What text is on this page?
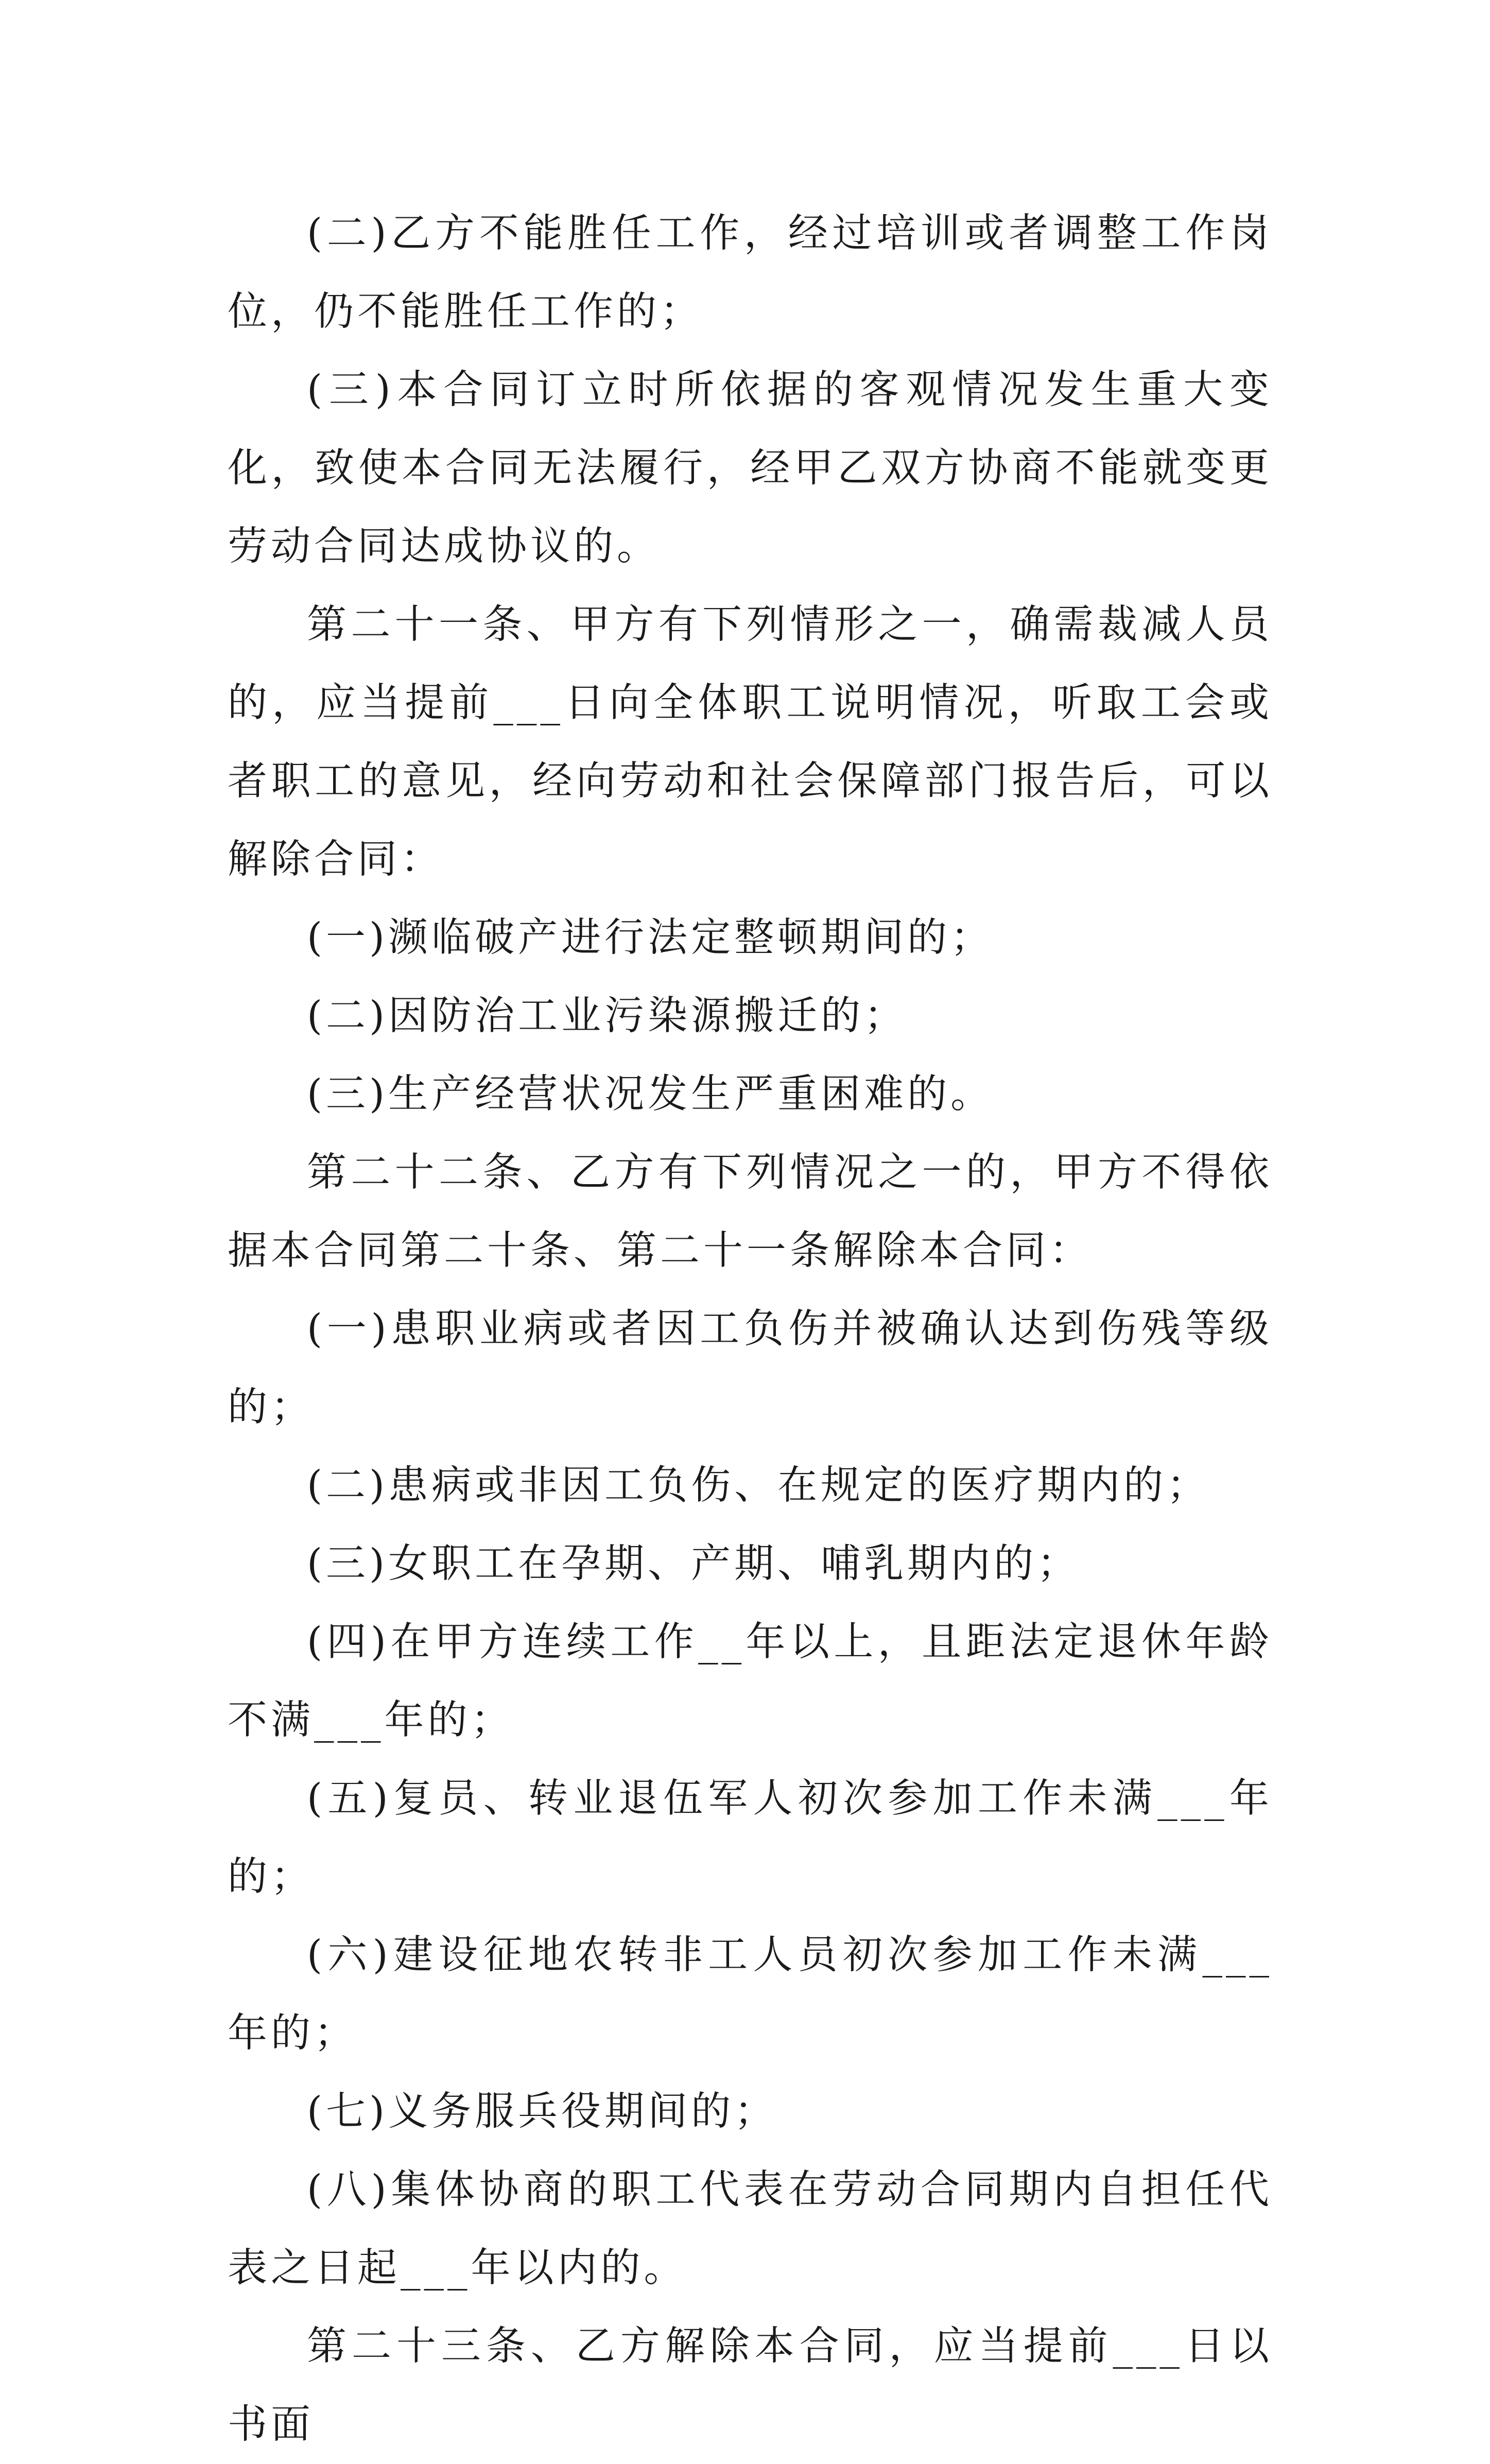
(二)乙方不能胜任工作，经过培训或者调整工作岗位，仍不能胜任工作的；

(三)本合同订立时所依据的客观情况发生重大变化，致使本合同无法履行，经甲乙双方协商不能就变更劳动合同达成协议的。

第二十一条、甲方有下列情形之一，确需裁减人员的，应当提前___日向全体职工说明情况，听取工会或者职工的意见，经向劳动和社会保障部门报告后，可以解除合同：

(一)濒临破产进行法定整顿期间的；

(二)因防治工业污染源搬迁的；

(三)生产经营状况发生严重困难的。

第二十二条、乙方有下列情况之一的，甲方不得依据本合同第二十条、第二十一条解除本合同：

(一)患职业病或者因工负伤并被确认达到伤残等级的；

(二)患病或非因工负伤、在规定的医疗期内的；

(三)女职工在孕期、产期、哺乳期内的；

(四)在甲方连续工作__年以上，且距法定退休年龄不满___年的；

(五)复员、转业退伍军人初次参加工作未满___年的；

(六)建设征地农转非工人员初次参加工作未满___年的；

(七)义务服兵役期间的；

(八)集体协商的职工代表在劳动合同期内自担任代表之日起___年以内的。

第二十三条、乙方解除本合同，应当提前___日以书面
